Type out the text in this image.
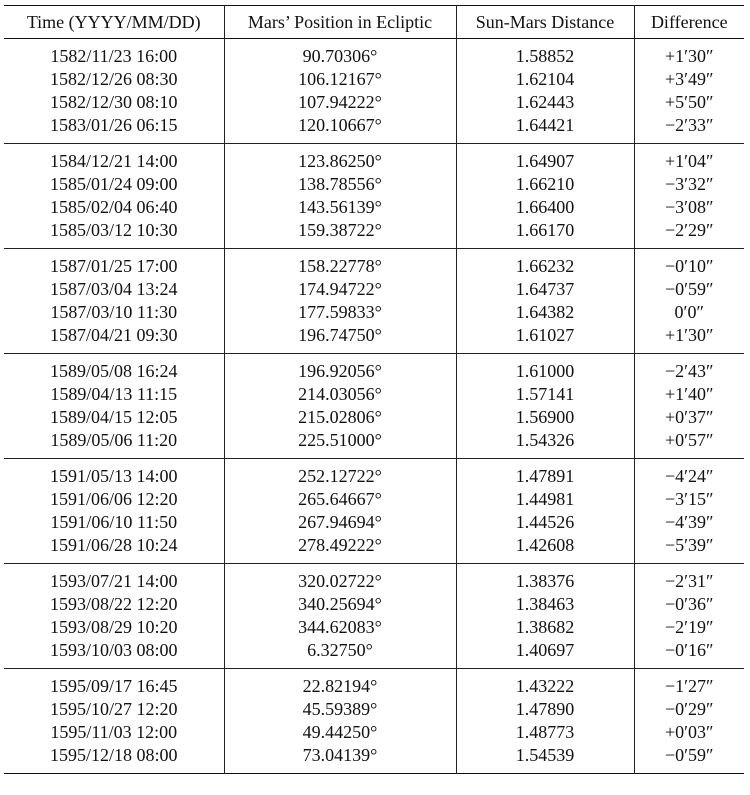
Time (YYYY/MM/DD)	Mars’ Position in Ecliptic	Sun-Mars Distance	Difference
1582/11/23 16:00	90.70306°	1.58852	+1′30″
1582/12/26 08:30	106.12167°	1.62104	+3′49″
1582/12/30 08:10	107.94222°	1.62443	+5′50″
1583/01/26 06:15	120.10667°	1.64421	−2′33″
1584/12/21 14:00	123.86250°	1.64907	+1′04″
1585/01/24 09:00	138.78556°	1.66210	−3′32″
1585/02/04 06:40	143.56139°	1.66400	−3′08″
1585/03/12 10:30	159.38722°	1.66170	−2′29″
1587/01/25 17:00	158.22778°	1.66232	−0′10″
1587/03/04 13:24	174.94722°	1.64737	−0′59″
1587/03/10 11:30	177.59833°	1.64382	0′0″
1587/04/21 09:30	196.74750°	1.61027	+1′30″
1589/05/08 16:24	196.92056°	1.61000	−2′43″
1589/04/13 11:15	214.03056°	1.57141	+1′40″
1589/04/15 12:05	215.02806°	1.56900	+0′37″
1589/05/06 11:20	225.51000°	1.54326	+0′57″
1591/05/13 14:00	252.12722°	1.47891	−4′24″
1591/06/06 12:20	265.64667°	1.44981	−3′15″
1591/06/10 11:50	267.94694°	1.44526	−4′39″
1591/06/28 10:24	278.49222°	1.42608	−5′39″
1593/07/21 14:00	320.02722°	1.38376	−2′31″
1593/08/22 12:20	340.25694°	1.38463	−0′36″
1593/08/29 10:20	344.62083°	1.38682	−2′19″
1593/10/03 08:00	6.32750°	1.40697	−0′16″
1595/09/17 16:45	22.82194°	1.43222	−1′27″
1595/10/27 12:20	45.59389°	1.47890	−0′29″
1595/11/03 12:00	49.44250°	1.48773	+0′03″
1595/12/18 08:00	73.04139°	1.54539	−0′59″
